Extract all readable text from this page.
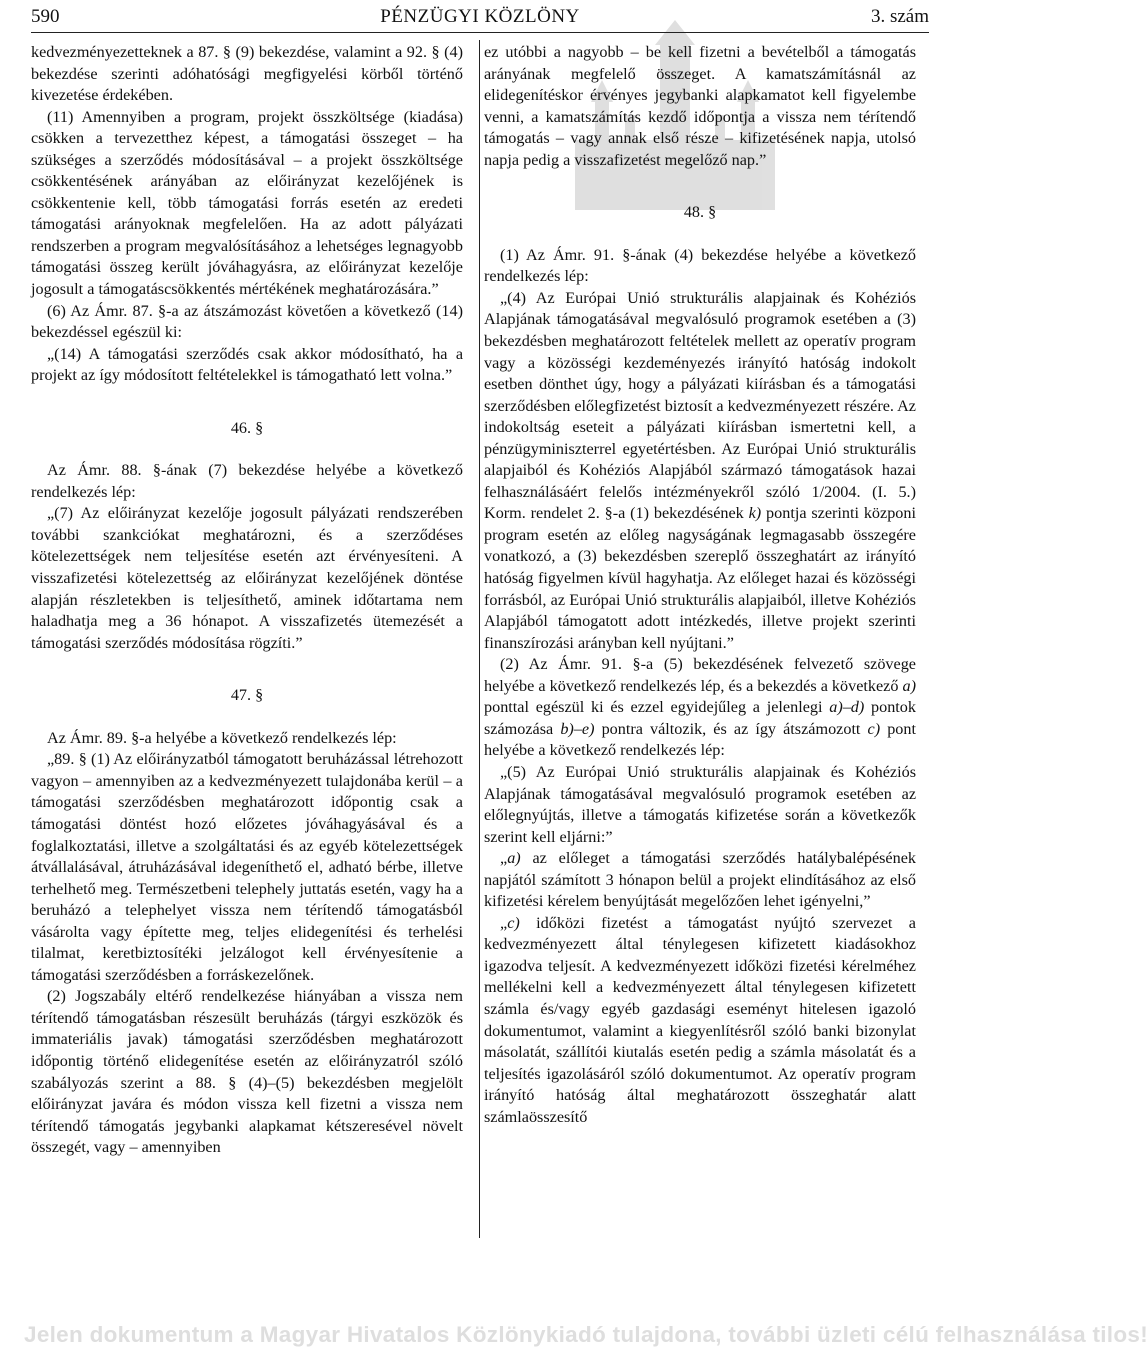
590	PÉNZÜGYI KÖZLÖNY	3. szám

kedvezményezetteknek a 87. § (9) bekezdése, valamint a 92. § (4) bekezdése szerinti adóhatósági megfigyelési körből történő kivezetése érdekében.

(11) Amennyiben a program, projekt összköltsége (kiadása) csökken a tervezetthez képest, a támogatási összeget – ha szükséges a szerződés módosításával – a projekt összköltsége csökkentésének arányában az előirányzat kezelőjének is csökkentenie kell, több támogatási forrás esetén az eredeti támogatási arányoknak megfelelően. Ha az adott pályázati rendszerben a program megvalósításához a lehetséges legnagyobb támogatási összeg került jóváhagyásra, az előirányzat kezelője jogosult a támogatáscsökkentés mértékének meghatározására.”

(6) Az Ámr. 87. §-a az átszámozást követően a következő (14) bekezdéssel egészül ki:

„(14) A támogatási szerződés csak akkor módosítható, ha a projekt az így módosított feltételekkel is támogatható lett volna.”

46. §

Az Ámr. 88. §-ának (7) bekezdése helyébe a következő rendelkezés lép:

„(7) Az előirányzat kezelője jogosult pályázati rendszerében további szankciókat meghatározni, és a szerződéses kötelezettségek nem teljesítése esetén azt érvényesíteni. A visszafizetési kötelezettség az előirányzat kezelőjének döntése alapján részletekben is teljesíthető, aminek időtartama nem haladhatja meg a 36 hónapot. A visszafizetés ütemezését a támogatási szerződés módosítása rögzíti.”

47. §

Az Ámr. 89. §-a helyébe a következő rendelkezés lép:

„89. § (1) Az előirányzatból támogatott beruházással létrehozott vagyon – amennyiben az a kedvezményezett tulajdonába kerül – a támogatási szerződésben meghatározott időpontig csak a támogatási döntést hozó előzetes jóváhagyásával és a foglalkoztatási, illetve a szolgáltatási és az egyéb kötelezettségek átvállalásával, átruházásával idegeníthető el, adható bérbe, illetve terhelhető meg. Természetbeni telephely juttatás esetén, vagy ha a beruházó a telephelyet vissza nem térítendő támogatásból vásárolta vagy építette meg, teljes elidegenítési és terhelési tilalmat, keretbiztosítéki jelzálogot kell érvényesítenie a támogatási szerződésben a forráskezelőnek.

(2) Jogszabály eltérő rendelkezése hiányában a vissza nem térítendő támogatásban részesült beruházás (tárgyi eszközök és immateriális javak) támogatási szerződésben meghatározott időpontig történő elidegenítése esetén az előirányzatról szóló szabályozás szerint a 88. § (4)–(5) bekezdésben megjelölt előirányzat javára és módon vissza kell fizetni a vissza nem térítendő támogatás jegybanki alapkamat kétszeresével növelt összegét, vagy – amennyiben

ez utóbbi a nagyobb – be kell fizetni a bevételből a támogatás arányának megfelelő összeget. A kamatszámításnál az elidegenítéskor érvényes jegybanki alapkamatot kell figyelembe venni, a kamatszámítás kezdő időpontja a vissza nem térítendő támogatás – vagy annak első része – kifizetésének napja, utolsó napja pedig a visszafizetést megelőző nap.”

48. §

(1) Az Ámr. 91. §-ának (4) bekezdése helyébe a következő rendelkezés lép:

„(4) Az Európai Unió strukturális alapjainak és Kohéziós Alapjának támogatásával megvalósuló programok esetében a (3) bekezdésben meghatározott feltételek mellett az operatív program vagy a közösségi kezdeményezés irányító hatóság indokolt esetben dönthet úgy, hogy a pályázati kiírásban és a támogatási szerződésben előlegfizetést biztosít a kedvezményezett részére. Az indokoltság eseteit a pályázati kiírásban ismertetni kell, a pénzügyminiszterrel egyetértésben. Az Európai Unió strukturális alapjaiból és Kohéziós Alapjából származó támogatások hazai felhasználásáért felelős intézményekről szóló 1/2004. (I. 5.) Korm. rendelet 2. §-a (1) bekezdésének k) pontja szerinti közponi program esetén az előleg nagyságának legmagasabb összegére vonatkozó, a (3) bekezdésben szereplő összeghatárt az irányító hatóság figyelmen kívül hagyhatja. Az előleget hazai és közösségi forrásból, az Európai Unió strukturális alapjaiból, illetve Kohéziós Alapjából támogatott adott intézkedés, illetve projekt szerinti finanszírozási arányban kell nyújtani.”

(2) Az Ámr. 91. §-a (5) bekezdésének felvezető szövege helyébe a következő rendelkezés lép, és a bekezdés a következő a) ponttal egészül ki és ezzel egyidejűleg a jelenlegi a)–d) pontok számozása b)–e) pontra változik, és az így átszámozott c) pont helyébe a következő rendelkezés lép:

„(5) Az Európai Unió strukturális alapjainak és Kohéziós Alapjának támogatásával megvalósuló programok esetében az előlegnyújtás, illetve a támogatás kifizetése során a következők szerint kell eljárni:”

„a) az előleget a támogatási szerződés hatálybalépésének napjától számított 3 hónapon belül a projekt elindításához az első kifizetési kérelem benyújtását megelőzően lehet igényelni,”

„c) időközi fizetést a támogatást nyújtó szervezet a kedvezményezett által ténylegesen kifizetett kiadásokhoz igazodva teljesít. A kedvezményezett időközi fizetési kérelméhez mellékelni kell a kedvezményezett által ténylegesen kifizetett számla és/vagy egyéb gazdasági eseményt hitelesen igazoló dokumentumot, valamint a kiegyenlítésről szóló banki bizonylat másolatát, szállítói kiutalás esetén pedig a számla másolatát és a teljesítés igazolásáról szóló dokumentumot. Az operatív program irányító hatóság által meghatározott összeghatár alatt számlaösszesítő

Jelen dokumentum a Magyar Hivatalos Közlönykiadó tulajdona, további üzleti célú felhasználása tilos!
